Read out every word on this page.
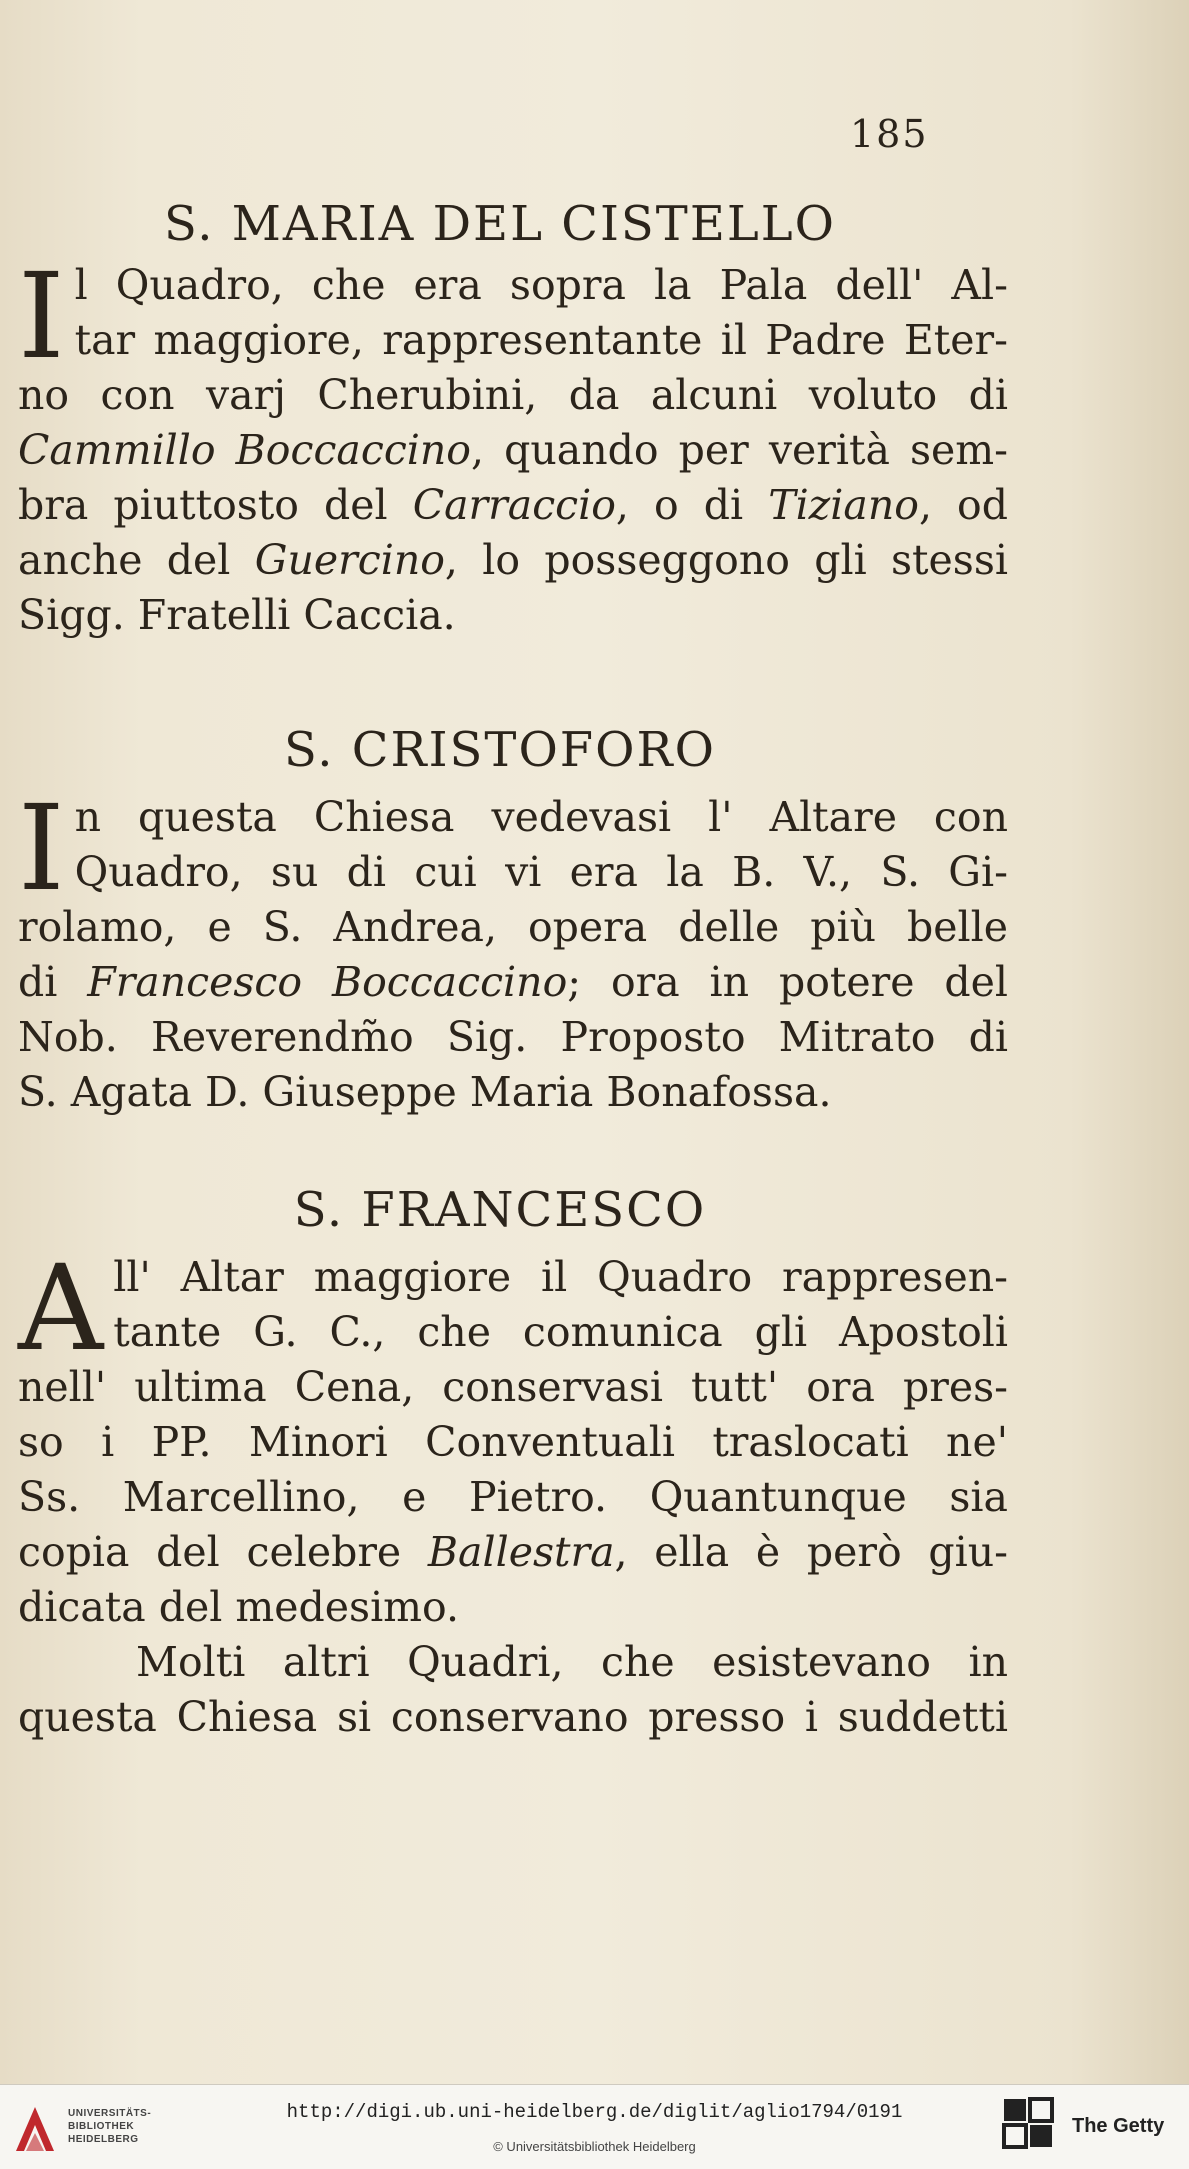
185
S. MARIA DEL CISTELLO
I l Quadro, che era sopra la Pala dell' Al-
tar maggiore, rappresentante il Padre Eter-
no con varj Cherubini, da alcuni voluto di
Cammillo Boccaccino, quando per verità sem-
bra piuttosto del Carraccio, o di Tiziano, od
anche del Guercino, lo posseggono gli stessi
Sigg. Fratelli Caccia.
S. CRISTOFORO
I n questa Chiesa vedevasi l' Altare con
Quadro, su di cui vi era la B. V., S. Gi-
rolamo, e S. Andrea, opera delle più belle
di Francesco Boccaccino; ora in potere del
Nob. Reverendm̃o Sig. Proposto Mitrato di
S. Agata D. Giuseppe Maria Bonafossa.
S. FRANCESCO
A ll' Altar maggiore il Quadro rappresen-
tante G. C., che comunica gli Apostoli
nell' ultima Cena, conservasi tutt' ora pres-
so i PP. Minori Conventuali traslocati ne'
Ss. Marcellino, e Pietro. Quantunque sia
copia del celebre Ballestra, ella è però giu-
dicata del medesimo.
Molti altri Quadri, che esistevano in
questa Chiesa si conservano presso i suddetti
UNIVERSITÄTS-
BIBLIOTHEK
HEIDELBERG
http://digi.ub.uni-heidelberg.de/diglit/aglio1794/0191
© Universitätsbibliothek Heidelberg
The Getty
